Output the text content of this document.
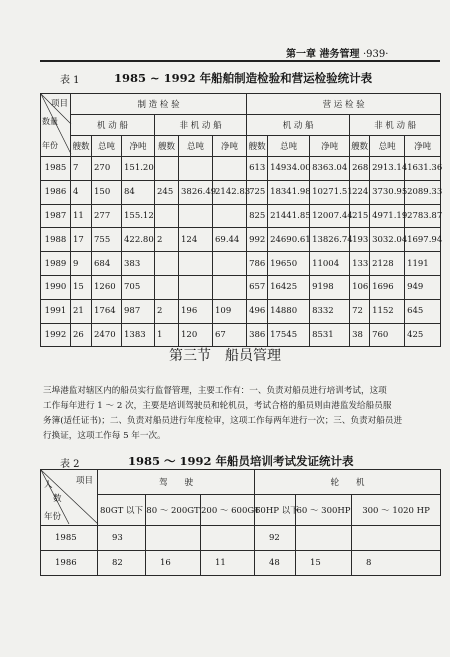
第一章 港务管理 ·939·
表 1	1985 ~ 1992 年船舶制造检验和营运检验统计表
项目
数量
年份	制 造 检 验						营 运 检 验					
	机 动 船			非 机 动 船			机 动 船			非 机 动 船		
	艘数	总吨	净吨	艘数	总吨	净吨	艘数	总吨	净吨	艘数	总吨	净吨
1985	7	270	151.20				613	14934.00	8363.04	268	2913.14	1631.36
1986	4	150	84	245	3826.49	2142.83	725	18341.98	10271.51	224	3730.95	2089.33
1987	11	277	155.12				825	21441.85	12007.44	215	4971.19	2783.87
1988	17	755	422.80	2	124	69.44	992	24690.61	13826.74	193	3032.04	1697.94
1989	9	684	383				786	19650	11004	133	2128	1191
1990	15	1260	705				657	16425	9198	106	1696	949
1991	21	1764	987	2	196	109	496	14880	8332	72	1152	645
1992	26	2470	1383	1	120	67	386	17545	8531	38	760	425
第三节　船员管理
三埠港监对辖区内的船员实行监督管理，主要工作有：一、负责对船员进行培训考试，这项
工作每年进行 1 ～ 2 次，主要是培训驾驶员和轮机员，考试合格的船员则由港监发给船员服
务簿(适任证书)；二、负责对船员进行年度检审，这项工作每两年进行一次；三、负责对船员进
行换证，这项工作每 5 年一次。
表 2	1985 ～ 1992 年船员培训考试发证统计表
项目
人
数
年份	驾　　驶			轮　　机		
	80GT 以下	80 ～ 200GT	200 ～ 600GT	60HP 以下	60 ～ 300HP	300 ～ 1020 HP
1985	93			92		
1986	82	16	11	48	15	8
